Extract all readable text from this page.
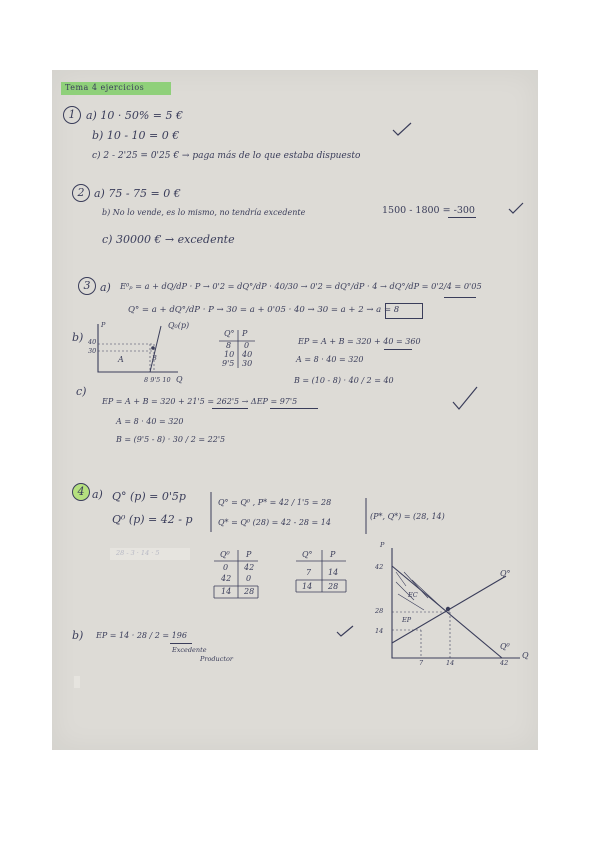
Tema 4 ejercicios
1 a) 10 · 50% = 5 €
b) 10 - 10 = 0 €
c) 2 - 2'25 = 0'25 € → paga más de lo que estaba dispuesto
2 a) 75 - 75 = 0 €
b) No lo vende, es lo mismo, no tendría excedente	1500 - 1800 = -300
c) 30000 € → excedente
3 a) E⁰ₚ = a + dQ/dP · P → 0'2 = dQ°/dP · 40/30 → 0'2 = dQ°/dP · 4 → dQ°/dP = 0'2/4 = 0'05
Q° = a + dQ°/dP · P → 30 = a + 0'05 · 40 → 30 = a + 2 → a = 8
b)
P	Q₀(p)
40
30
A	B
8 9'5 10 Q
Q° P
8 0
10 40
9'5 30
EP = A + B = 320 + 40 = 360
A = 8 · 40 = 320
B = (10 - 8) · 40 / 2 = 40
c)
EP = A + B = 320 + 21'5 = 262'5 → ΔEP = 97'5
A = 8 · 40 = 320
B = (9'5 - 8) · 30 / 2 = 22'5
4 a) Q° (p) = 0'5p
Q⁰ (p) = 42 - p
Q° = Q⁰ , P* = 42 / 1'5 = 28
Q* = Q⁰ (28) = 42 - 28 = 14
(P*, Q*) = (28, 14)
28 - 3 · 14 · 5	Q⁰ P
0 42
42 0
14 28
Q° P
7 14
14 28
P
42
28
14
EC
EP
Q°
Q⁰
7	14	42
Q
b) EP = 14 · 28 / 2 = 196
Excedente
Productor
